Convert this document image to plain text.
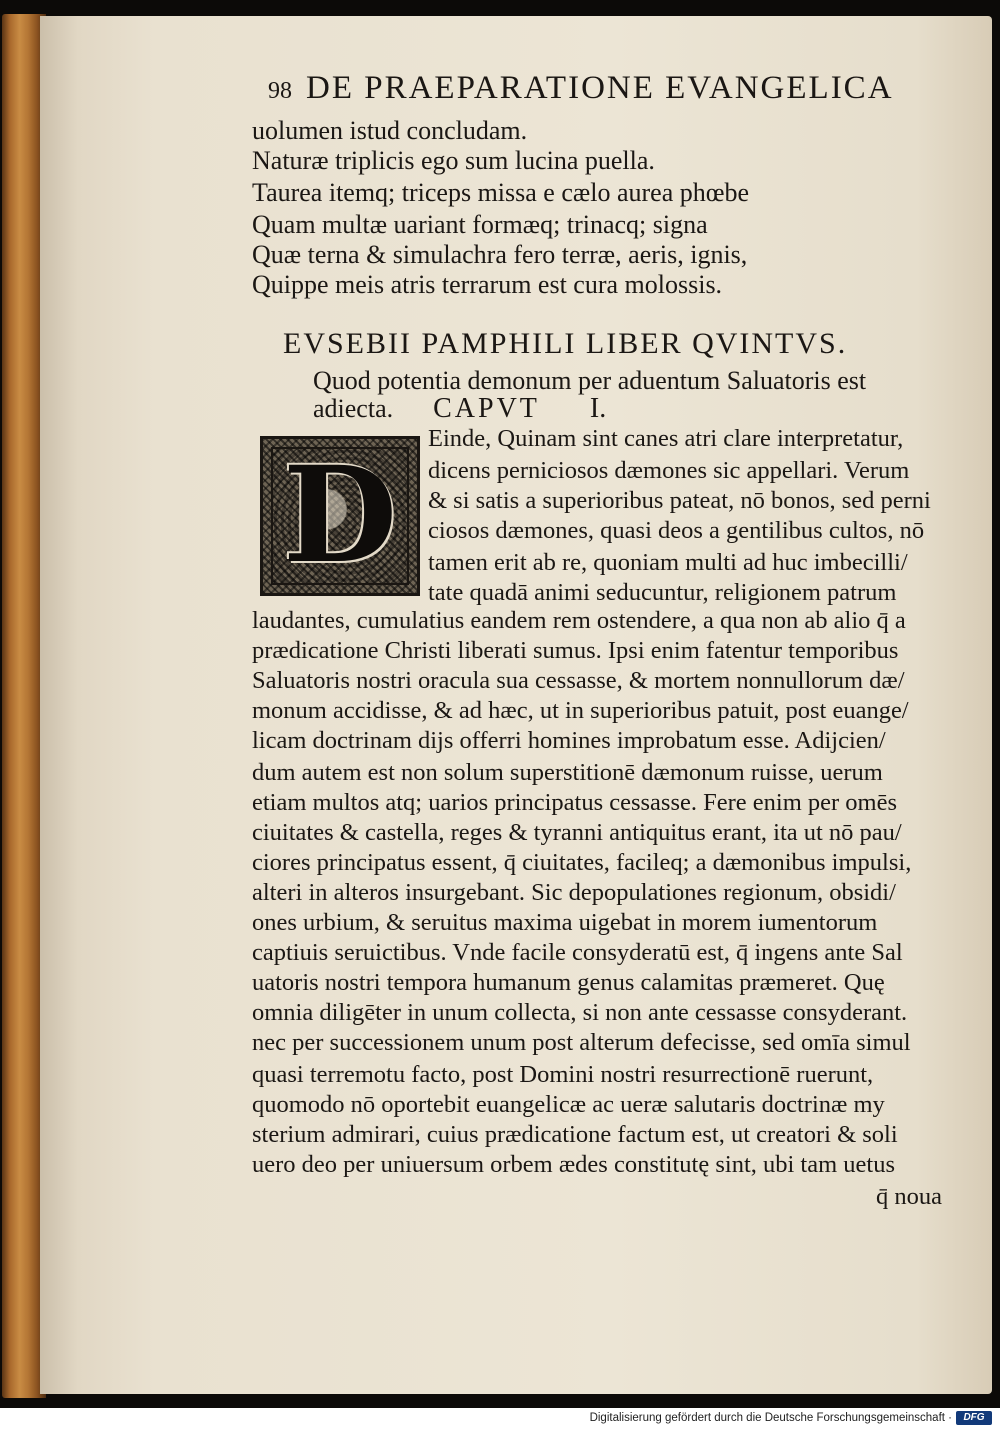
98 DE PRAEPARATIONE EVANGELICA
uolumen istud concludam.
Naturæ triplicis ego sum lucina puella.
Taurea itemq; triceps missa e cælo aurea phœbe
Quam multæ uariant formæq; trinacq; signa
Quæ terna & simulachra fero terræ, aeris, ignis,
Quippe meis atris terrarum est cura molossis.
EVSEBII PAMPHILI LIBER QVINTVS.
Quod potentia demonum per aduentum Saluatoris est
adiecta. CAPVT I.
D Einde, Quinam sint canes atri clare interpretatur,
dicens perniciosos dæmones sic appellari. Verum
& si satis a superioribus pateat, nō bonos, sed perni
ciosos dæmones, quasi deos a gentilibus cultos, nō
tamen erit ab re, quoniam multi ad huc imbecilli/
tate quadā animi seducuntur, religionem patrum
laudantes, cumulatius eandem rem ostendere, a qua non ab alio q̄ a
prædicatione Christi liberati sumus. Ipsi enim fatentur temporibus
Saluatoris nostri oracula sua cessasse, & mortem nonnullorum dæ/
monum accidisse, & ad hæc, ut in superioribus patuit, post euange/
licam doctrinam dijs offerri homines improbatum esse. Adijcien/
dum autem est non solum superstitionē dæmonum ruisse, uerum
etiam multos atq; uarios principatus cessasse. Fere enim per omēs
ciuitates & castella, reges & tyranni antiquitus erant, ita ut nō pau/
ciores principatus essent, q̄ ciuitates, facileq; a dæmonibus impulsi,
alteri in alteros insurgebant. Sic depopulationes regionum, obsidi/
ones urbium, & seruitus maxima uigebat in morem iumentorum
captiuis seruictibus. Vnde facile consyderatū est, q̄ ingens ante Sal
uatoris nostri tempora humanum genus calamitas præmeret. Quę
omnia diligēter in unum collecta, si non ante cessasse consyderant.
nec per successionem unum post alterum defecisse, sed omīa simul
quasi terremotu facto, post Domini nostri resurrectionē ruerunt,
quomodo nō oportebit euangelicæ ac ueræ salutaris doctrinæ my
sterium admirari, cuius prædicatione factum est, ut creatori & soli
uero deo per uniuersum orbem ædes constitutę sint, ubi tam uetus
q̄ noua
Digitalisierung gefördert durch die Deutsche Forschungsgemeinschaft ·	DFG
